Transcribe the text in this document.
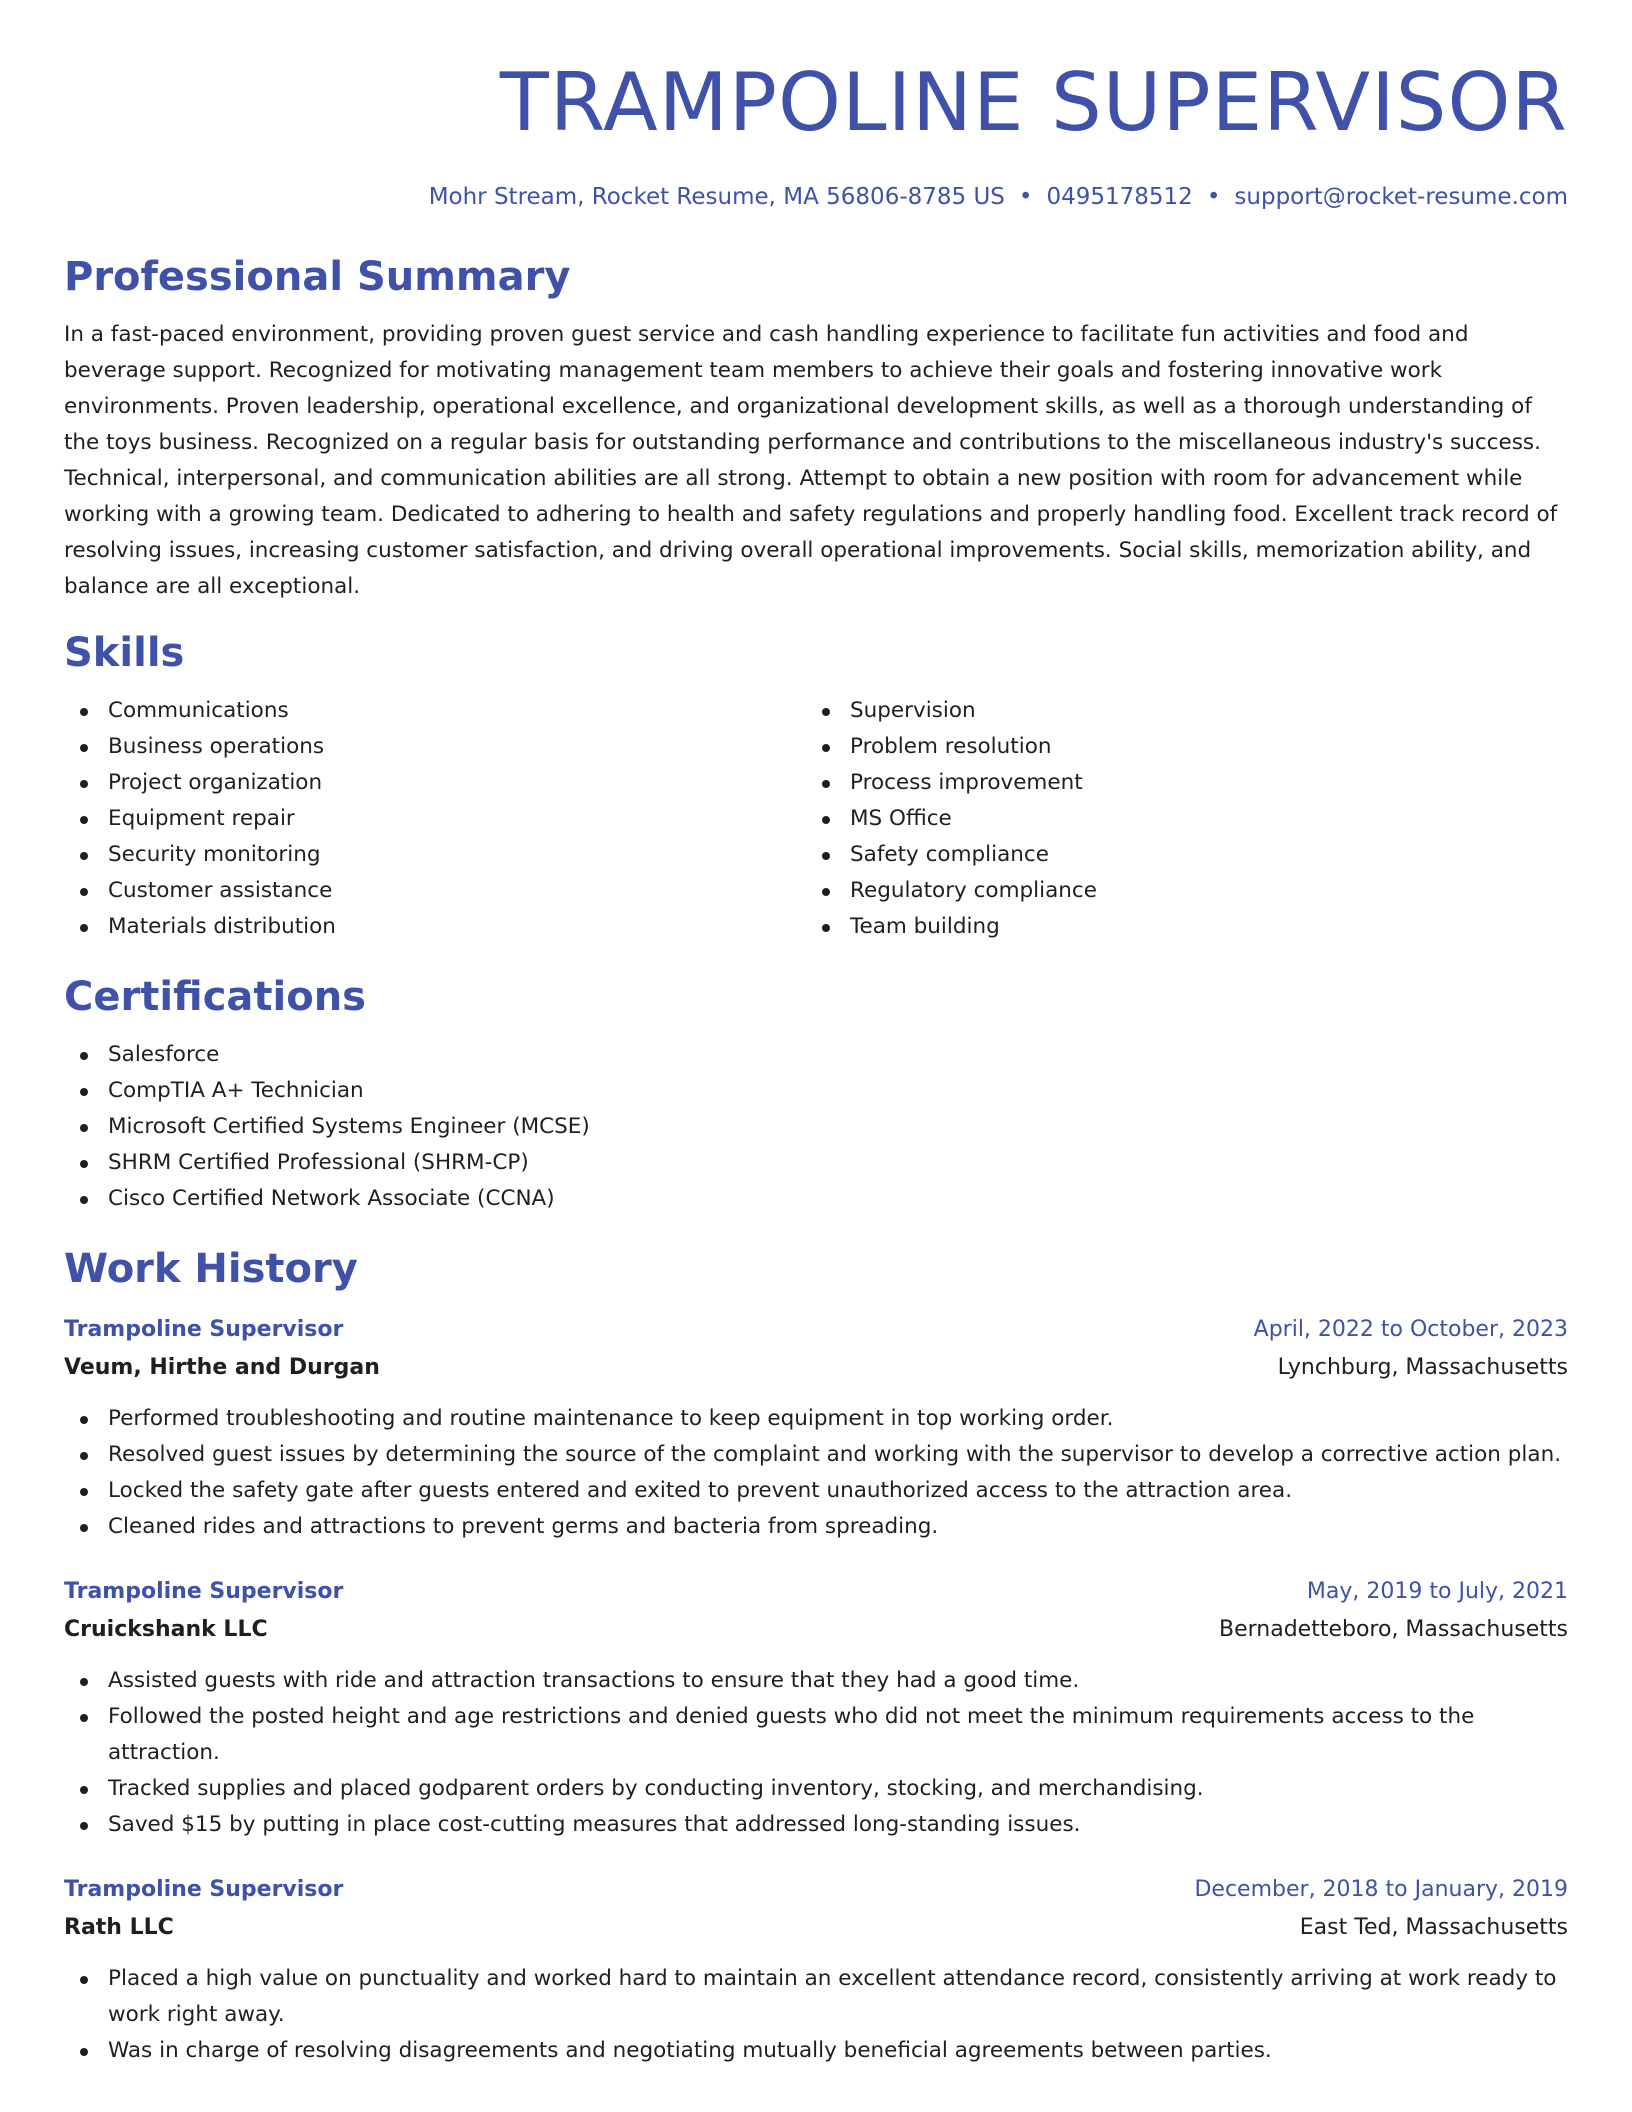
TRAMPOLINE SUPERVISOR
Mohr Stream, Rocket Resume, MA 56806-8785 US • 0495178512 • support@rocket-resume.com
Professional Summary
In a fast-paced environment, providing proven guest service and cash handling experience to facilitate fun activities and food and beverage support. Recognized for motivating management team members to achieve their goals and fostering innovative work environments. Proven leadership, operational excellence, and organizational development skills, as well as a thorough understanding of the toys business. Recognized on a regular basis for outstanding performance and contributions to the miscellaneous industry's success. Technical, interpersonal, and communication abilities are all strong. Attempt to obtain a new position with room for advancement while working with a growing team. Dedicated to adhering to health and safety regulations and properly handling food. Excellent track record of resolving issues, increasing customer satisfaction, and driving overall operational improvements. Social skills, memorization ability, and balance are all exceptional.
Skills
Communications
Business operations
Project organization
Equipment repair
Security monitoring
Customer assistance
Materials distribution
Supervision
Problem resolution
Process improvement
MS Office
Safety compliance
Regulatory compliance
Team building
Certifications
Salesforce
CompTIA A+ Technician
Microsoft Certified Systems Engineer (MCSE)
SHRM Certified Professional (SHRM-CP)
Cisco Certified Network Associate (CCNA)
Work History
Trampoline Supervisor	April, 2022 to October, 2023
Veum, Hirthe and Durgan	Lynchburg, Massachusetts
Performed troubleshooting and routine maintenance to keep equipment in top working order.
Resolved guest issues by determining the source of the complaint and working with the supervisor to develop a corrective action plan.
Locked the safety gate after guests entered and exited to prevent unauthorized access to the attraction area.
Cleaned rides and attractions to prevent germs and bacteria from spreading.
Trampoline Supervisor	May, 2019 to July, 2021
Cruickshank LLC	Bernadetteboro, Massachusetts
Assisted guests with ride and attraction transactions to ensure that they had a good time.
Followed the posted height and age restrictions and denied guests who did not meet the minimum requirements access to the attraction.
Tracked supplies and placed godparent orders by conducting inventory, stocking, and merchandising.
Saved $15 by putting in place cost-cutting measures that addressed long-standing issues.
Trampoline Supervisor	December, 2018 to January, 2019
Rath LLC	East Ted, Massachusetts
Placed a high value on punctuality and worked hard to maintain an excellent attendance record, consistently arriving at work ready to work right away.
Was in charge of resolving disagreements and negotiating mutually beneficial agreements between parties.
